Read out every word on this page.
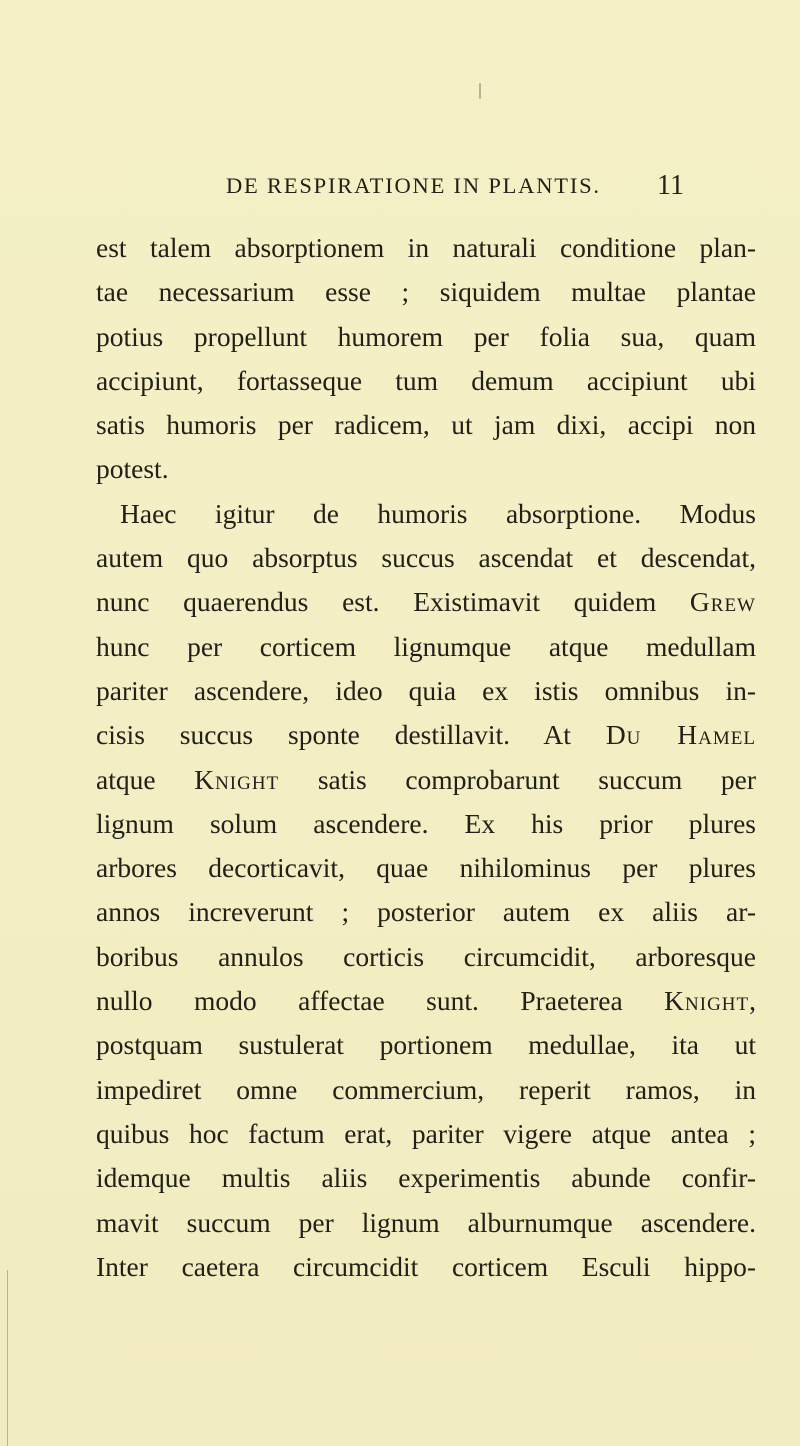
DE RESPIRATIONE IN PLANTIS. 11
est talem absorptionem in naturali conditione plan-
tae necessarium esse ; siquidem multae plantae
potius propellunt humorem per folia sua, quam
accipiunt, fortasseque tum demum accipiunt ubi
satis humoris per radicem, ut jam dixi, accipi non
potest.
Haec igitur de humoris absorptione. Modus
autem quo absorptus succus ascendat et descendat,
nunc quaerendus est. Existimavit quidem Grew
hunc per corticem lignumque atque medullam
pariter ascendere, ideo quia ex istis omnibus in-
cisis succus sponte destillavit. At Du Hamel
atque Knight satis comprobarunt succum per
lignum solum ascendere. Ex his prior plures
arbores decorticavit, quae nihilominus per plures
annos increverunt ; posterior autem ex aliis ar-
boribus annulos corticis circumcidit, arboresque
nullo modo affectae sunt. Praeterea Knight,
postquam sustulerat portionem medullae, ita ut
impediret omne commercium, reperit ramos, in
quibus hoc factum erat, pariter vigere atque antea ;
idemque multis aliis experimentis abunde confir-
mavit succum per lignum alburnumque ascendere.
Inter caetera circumcidit corticem Esculi hippo-
